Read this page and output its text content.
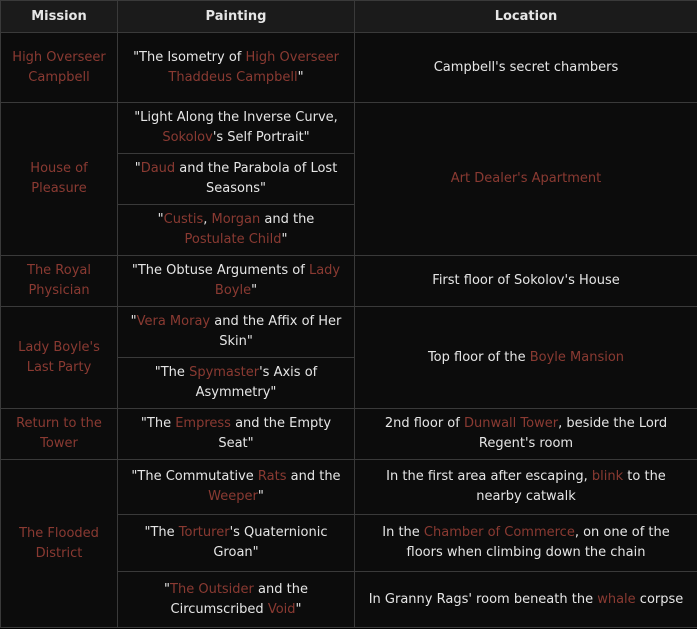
Mission	Painting	Location
High Overseer Campbell	"The Isometry of High Overseer Thaddeus Campbell"	Campbell's secret chambers
House of Pleasure	"Light Along the Inverse Curve, Sokolov's Self Portrait"	Art Dealer's Apartment
	"Daud and the Parabola of Lost Seasons"	
	"Custis, Morgan and the Postulate Child"	
The Royal Physician	"The Obtuse Arguments of Lady Boyle"	First floor of Sokolov's House
Lady Boyle's Last Party	"Vera Moray and the Affix of Her Skin"	Top floor of the Boyle Mansion
	"The Spymaster's Axis of Asymmetry"	
Return to the Tower	"The Empress and the Empty Seat"	2nd floor of Dunwall Tower, beside the Lord Regent's room
The Flooded District	"The Commutative Rats and the Weeper"	In the first area after escaping, blink to the nearby catwalk
	"The Torturer's Quaternionic Groan"	In the Chamber of Commerce, on one of the floors when climbing down the chain
	"The Outsider and the Circumscribed Void"	In Granny Rags' room beneath the whale corpse
